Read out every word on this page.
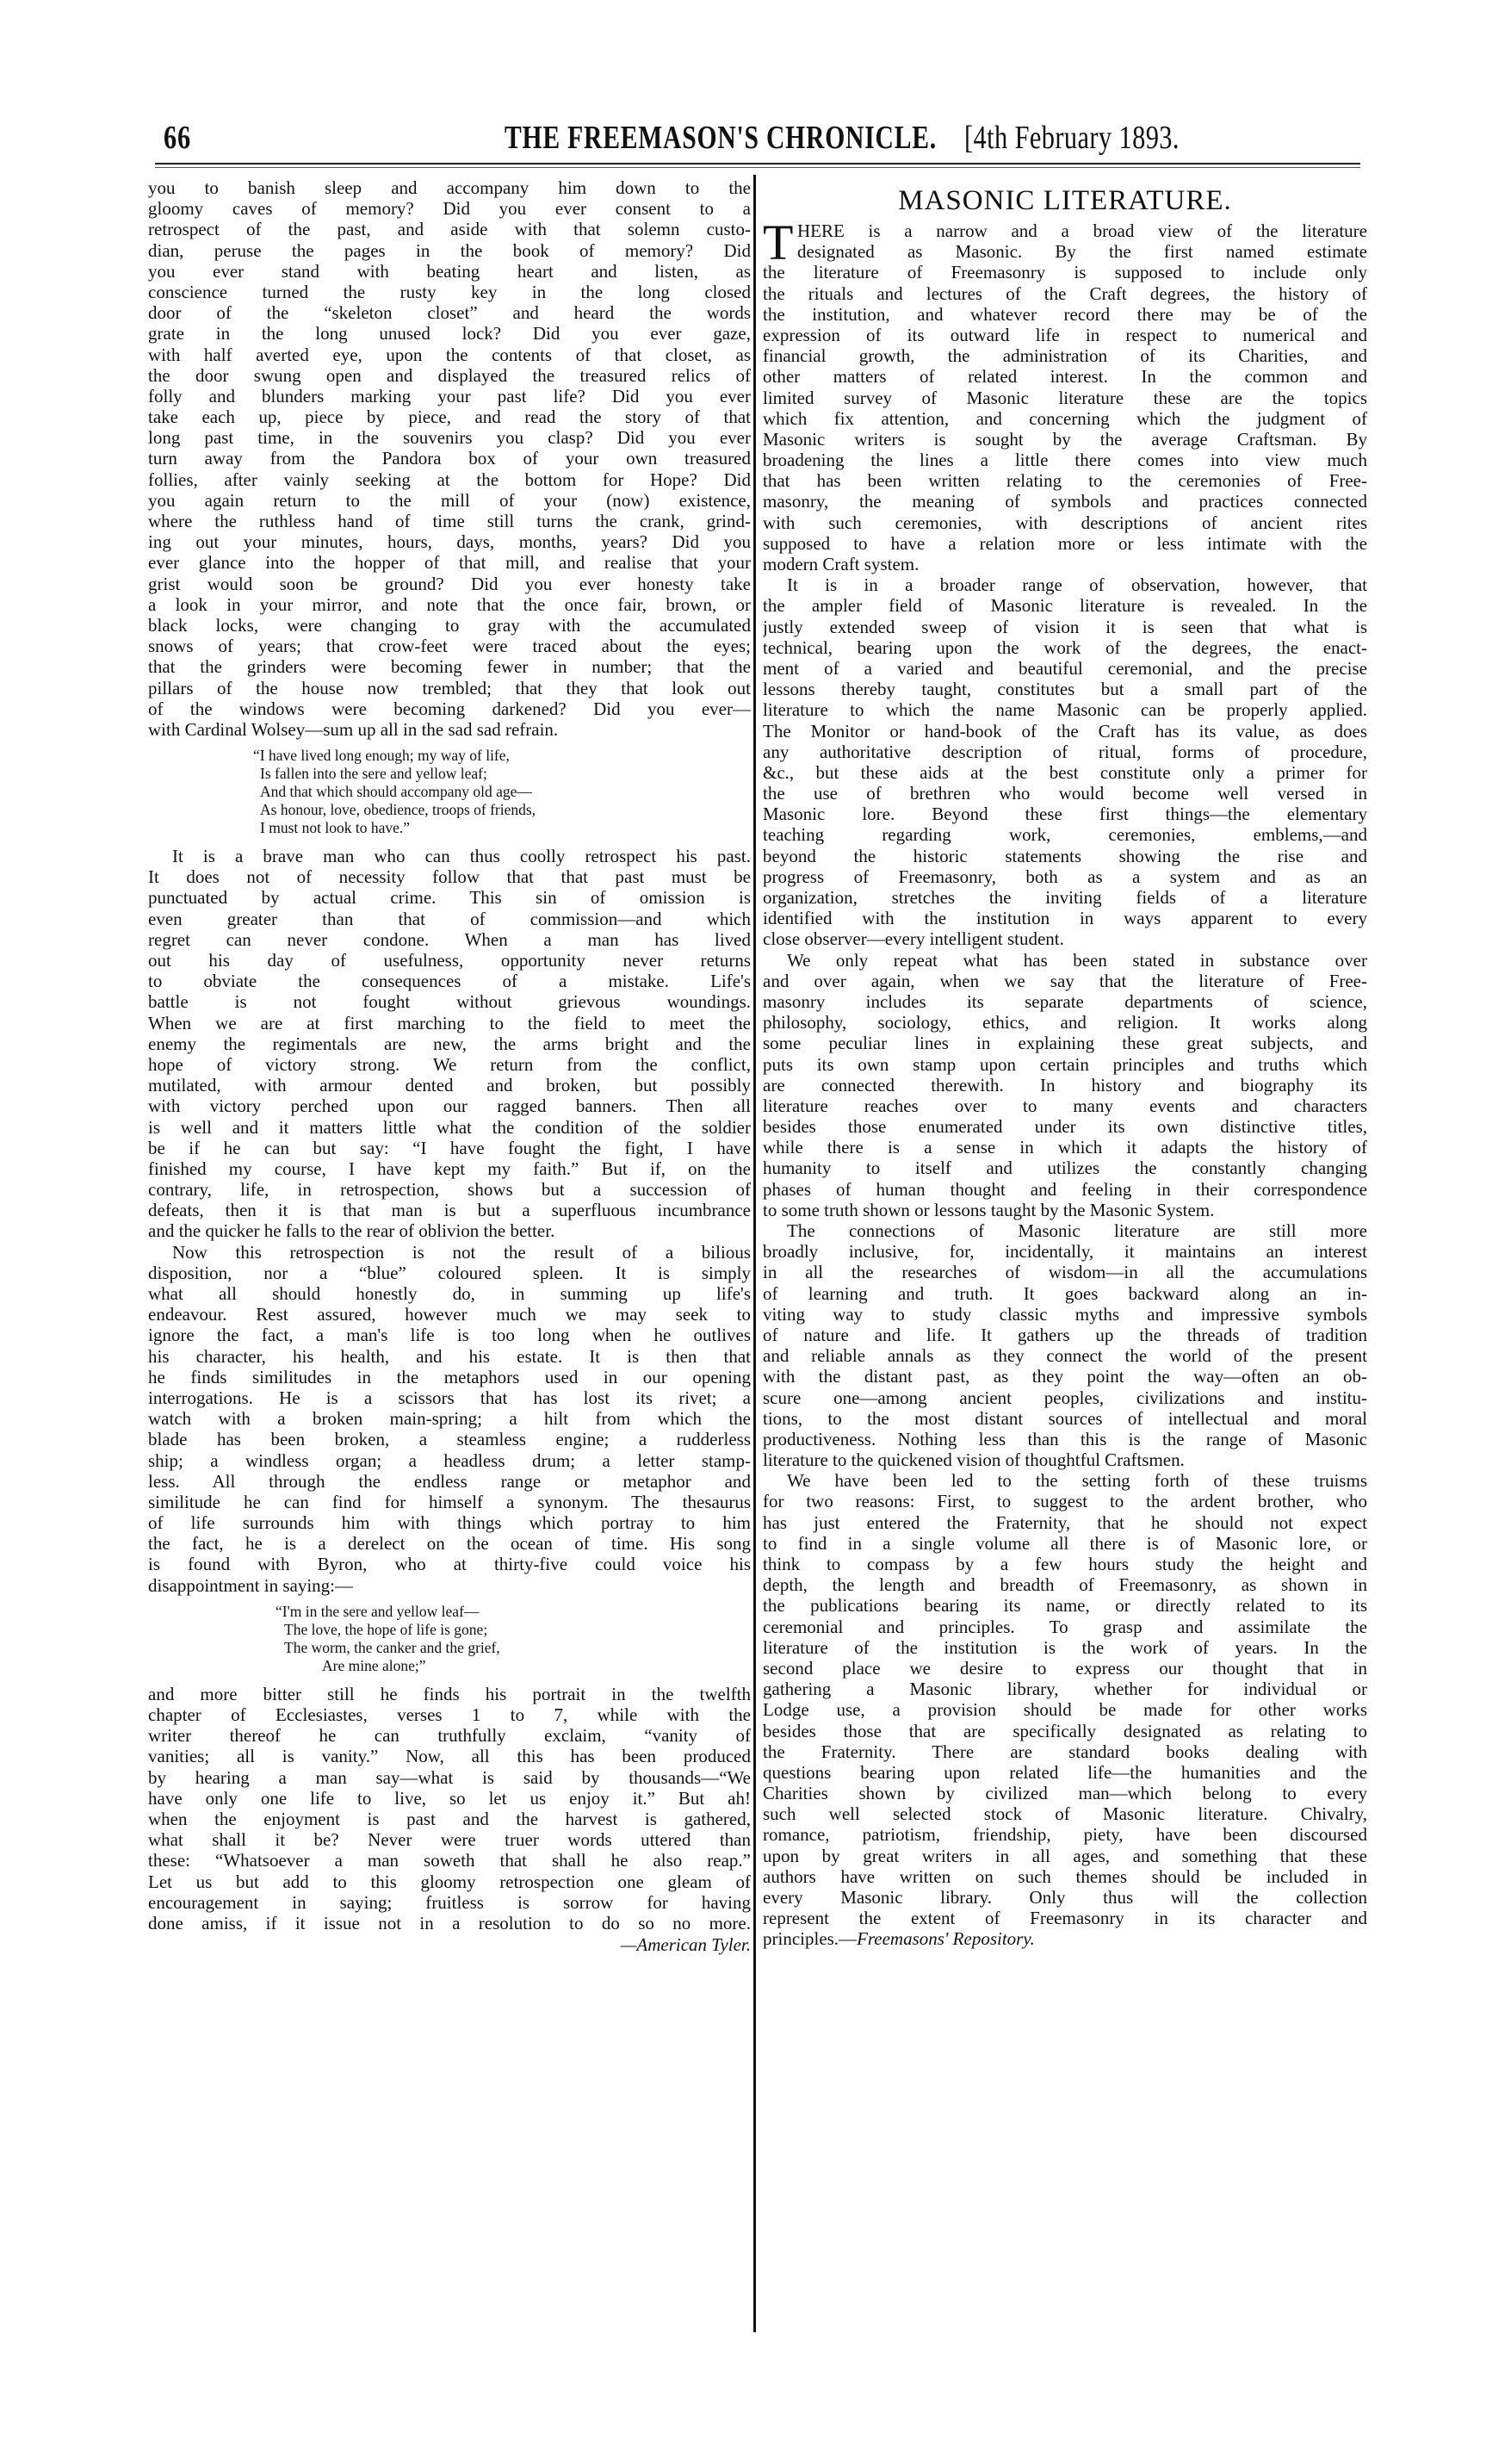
66	THE FREEMASON'S CHRONICLE. [4th February 1893.
you to banish sleep and accompany him down to the
gloomy caves of memory? Did you ever consent to a
retrospect of the past, and aside with that solemn custo-
dian, peruse the pages in the book of memory? Did
you ever stand with beating heart and listen, as
conscience turned the rusty key in the long closed
door of the “skeleton closet” and heard the words
grate in the long unused lock? Did you ever gaze,
with half averted eye, upon the contents of that closet, as
the door swung open and displayed the treasured relics of
folly and blunders marking your past life? Did you ever
take each up, piece by piece, and read the story of that
long past time, in the souvenirs you clasp? Did you ever
turn away from the Pandora box of your own treasured
follies, after vainly seeking at the bottom for Hope? Did
you again return to the mill of your (now) existence,
where the ruthless hand of time still turns the crank, grind-
ing out your minutes, hours, days, months, years? Did you
ever glance into the hopper of that mill, and realise that your
grist would soon be ground? Did you ever honesty take
a look in your mirror, and note that the once fair, brown, or
black locks, were changing to gray with the accumulated
snows of years; that crow-feet were traced about the eyes;
that the grinders were becoming fewer in number; that the
pillars of the house now trembled; that they that look out
of the windows were becoming darkened? Did you ever—
with Cardinal Wolsey—sum up all in the sad sad refrain.
“I have lived long enough; my way of life,
Is fallen into the sere and yellow leaf;
And that which should accompany old age—
As honour, love, obedience, troops of friends,
I must not look to have.”
It is a brave man who can thus coolly retrospect his past.
It does not of necessity follow that that past must be
punctuated by actual crime. This sin of omission is
even greater than that of commission—and which
regret can never condone. When a man has lived
out his day of usefulness, opportunity never returns
to obviate the consequences of a mistake. Life's
battle is not fought without grievous woundings.
When we are at first marching to the field to meet the
enemy the regimentals are new, the arms bright and the
hope of victory strong. We return from the conflict,
mutilated, with armour dented and broken, but possibly
with victory perched upon our ragged banners. Then all
is well and it matters little what the condition of the soldier
be if he can but say: “I have fought the fight, I have
finished my course, I have kept my faith.” But if, on the
contrary, life, in retrospection, shows but a succession of
defeats, then it is that man is but a superfluous incumbrance
and the quicker he falls to the rear of oblivion the better.
Now this retrospection is not the result of a bilious
disposition, nor a “blue” coloured spleen. It is simply
what all should honestly do, in summing up life's
endeavour. Rest assured, however much we may seek to
ignore the fact, a man's life is too long when he outlives
his character, his health, and his estate. It is then that
he finds similitudes in the metaphors used in our opening
interrogations. He is a scissors that has lost its rivet; a
watch with a broken main-spring; a hilt from which the
blade has been broken, a steamless engine; a rudderless
ship; a windless organ; a headless drum; a letter stamp-
less. All through the endless range or metaphor and
similitude he can find for himself a synonym. The thesaurus
of life surrounds him with things which portray to him
the fact, he is a derelect on the ocean of time. His song
is found with Byron, who at thirty-five could voice his
disappointment in saying:—
“I'm in the sere and yellow leaf—
The love, the hope of life is gone;
The worm, the canker and the grief,
Are mine alone;”
and more bitter still he finds his portrait in the twelfth
chapter of Ecclesiastes, verses 1 to 7, while with the
writer thereof he can truthfully exclaim, “vanity of
vanities; all is vanity.” Now, all this has been produced
by hearing a man say—what is said by thousands—“We
have only one life to live, so let us enjoy it.” But ah!
when the enjoyment is past and the harvest is gathered,
what shall it be? Never were truer words uttered than
these: “Whatsoever a man soweth that shall he also reap.”
Let us but add to this gloomy retrospection one gleam of
encouragement in saying; fruitless is sorrow for having
done amiss, if it issue not in a resolution to do so no more.
—American Tyler.
MASONIC LITERATURE.
T HERE is a narrow and a broad view of the literature
designated as Masonic. By the first named estimate
the literature of Freemasonry is supposed to include only
the rituals and lectures of the Craft degrees, the history of
the institution, and whatever record there may be of the
expression of its outward life in respect to numerical and
financial growth, the administration of its Charities, and
other matters of related interest. In the common and
limited survey of Masonic literature these are the topics
which fix attention, and concerning which the judgment of
Masonic writers is sought by the average Craftsman. By
broadening the lines a little there comes into view much
that has been written relating to the ceremonies of Free-
masonry, the meaning of symbols and practices connected
with such ceremonies, with descriptions of ancient rites
supposed to have a relation more or less intimate with the
modern Craft system.
It is in a broader range of observation, however, that
the ampler field of Masonic literature is revealed. In the
justly extended sweep of vision it is seen that what is
technical, bearing upon the work of the degrees, the enact-
ment of a varied and beautiful ceremonial, and the precise
lessons thereby taught, constitutes but a small part of the
literature to which the name Masonic can be properly applied.
The Monitor or hand-book of the Craft has its value, as does
any authoritative description of ritual, forms of procedure,
&c., but these aids at the best constitute only a primer for
the use of brethren who would become well versed in
Masonic lore. Beyond these first things—the elementary
teaching regarding work, ceremonies, emblems,—and
beyond the historic statements showing the rise and
progress of Freemasonry, both as a system and as an
organization, stretches the inviting fields of a literature
identified with the institution in ways apparent to every
close observer—every intelligent student.
We only repeat what has been stated in substance over
and over again, when we say that the literature of Free-
masonry includes its separate departments of science,
philosophy, sociology, ethics, and religion. It works along
some peculiar lines in explaining these great subjects, and
puts its own stamp upon certain principles and truths which
are connected therewith. In history and biography its
literature reaches over to many events and characters
besides those enumerated under its own distinctive titles,
while there is a sense in which it adapts the history of
humanity to itself and utilizes the constantly changing
phases of human thought and feeling in their correspondence
to some truth shown or lessons taught by the Masonic System.
The connections of Masonic literature are still more
broadly inclusive, for, incidentally, it maintains an interest
in all the researches of wisdom—in all the accumulations
of learning and truth. It goes backward along an in-
viting way to study classic myths and impressive symbols
of nature and life. It gathers up the threads of tradition
and reliable annals as they connect the world of the present
with the distant past, as they point the way—often an ob-
scure one—among ancient peoples, civilizations and institu-
tions, to the most distant sources of intellectual and moral
productiveness. Nothing less than this is the range of Masonic
literature to the quickened vision of thoughtful Craftsmen.
We have been led to the setting forth of these truisms
for two reasons: First, to suggest to the ardent brother, who
has just entered the Fraternity, that he should not expect
to find in a single volume all there is of Masonic lore, or
think to compass by a few hours study the height and
depth, the length and breadth of Freemasonry, as shown in
the publications bearing its name, or directly related to its
ceremonial and principles. To grasp and assimilate the
literature of the institution is the work of years. In the
second place we desire to express our thought that in
gathering a Masonic library, whether for individual or
Lodge use, a provision should be made for other works
besides those that are specifically designated as relating to
the Fraternity. There are standard books dealing with
questions bearing upon related life—the humanities and the
Charities shown by civilized man—which belong to every
such well selected stock of Masonic literature. Chivalry,
romance, patriotism, friendship, piety, have been discoursed
upon by great writers in all ages, and something that these
authors have written on such themes should be included in
every Masonic library. Only thus will the collection
represent the extent of Freemasonry in its character and
principles.—Freemasons' Repository.
